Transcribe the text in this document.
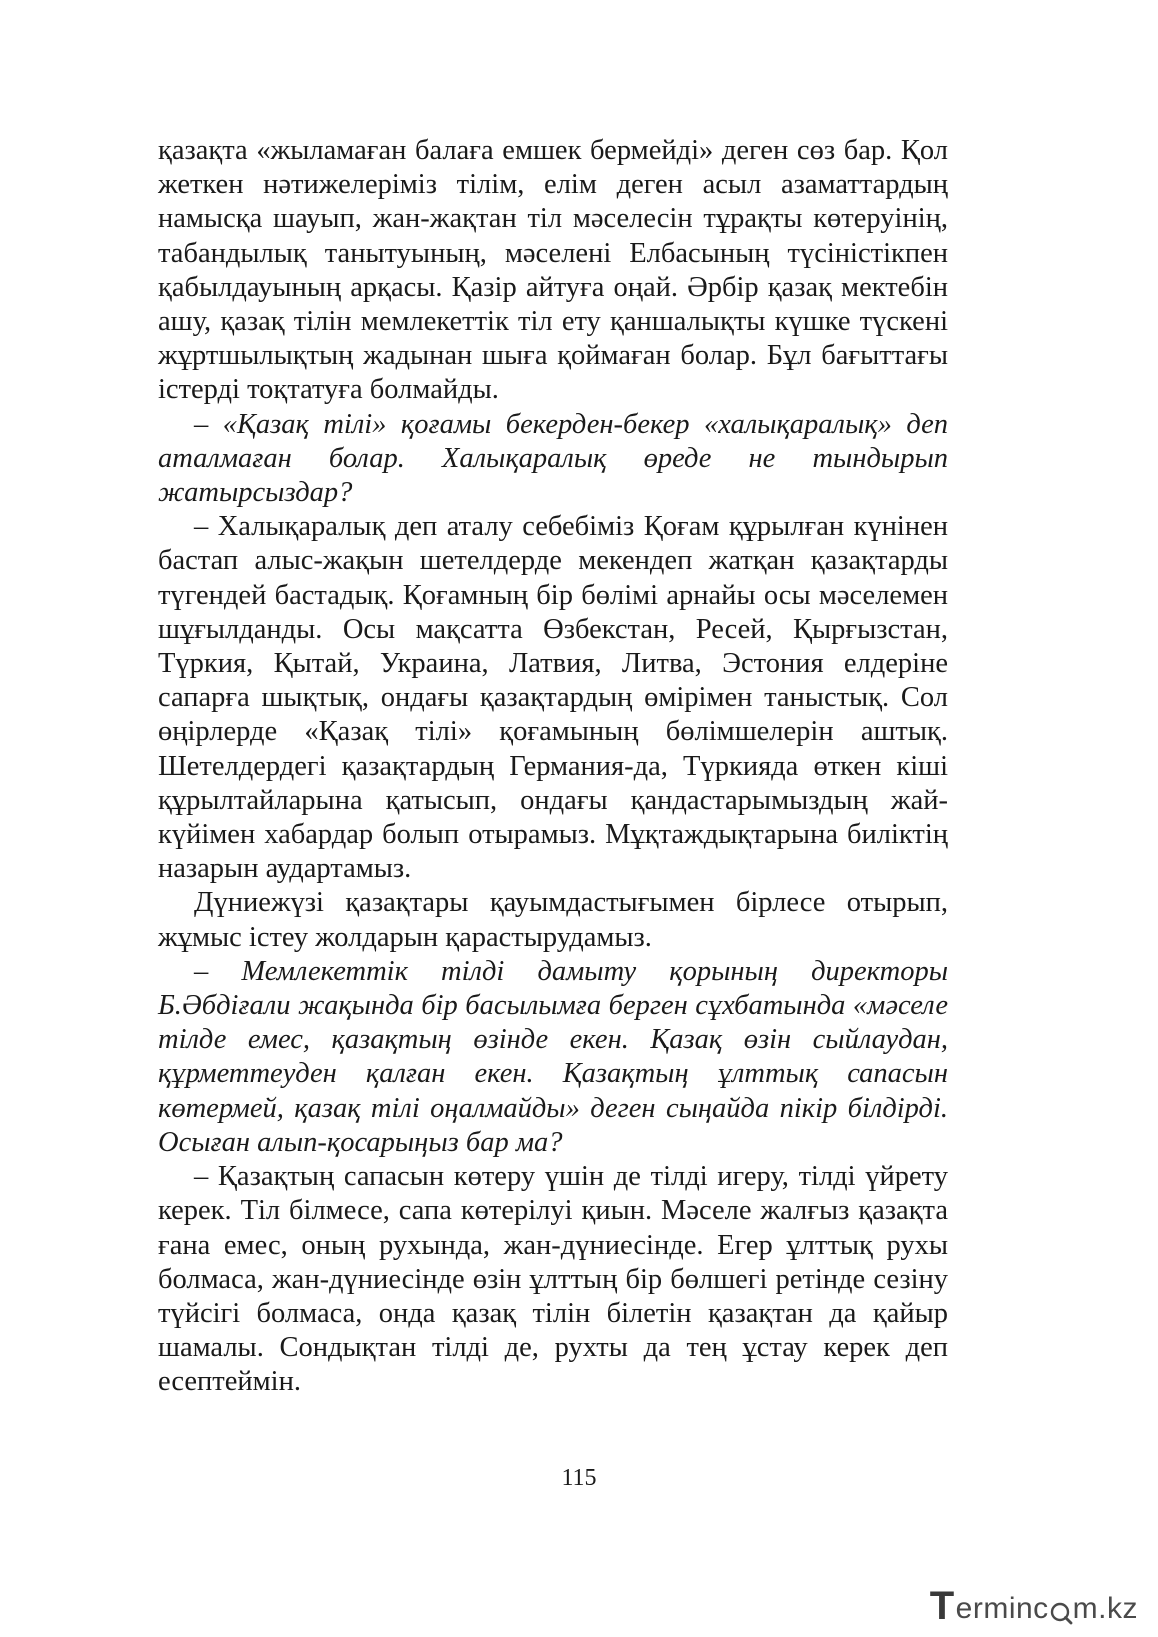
қазақта «жыламаған балаға емшек бермейді» деген сөз бар. Қол жеткен нәтижелеріміз тілім, елім деген асыл азаматтардың намысқа шауып, жан-жақтан тіл мәселесін тұрақты көтеруінің, табандылық танытуының, мәселені Елбасының түсіністікпен қабылдауының арқасы. Қазір айтуға оңай. Әрбір қазақ мектебін ашу, қазақ тілін мемлекеттік тіл ету қаншалықты күшке түскені жұртшылықтың жадынан шыға қоймаған болар. Бұл бағыттағы істерді тоқтатуға болмайды.

– «Қазақ тілі» қоғамы бекерден-бекер «халықаралық» деп аталмаған болар. Халықаралық өреде не тындырып жатырсыздар?

– Халықаралық деп аталу себебіміз Қоғам құрылған күнінен бастап алыс-жақын шетелдерде мекендеп жатқан қазақтарды түгендей бастадық. Қоғамның бір бөлімі арнайы осы мәселемен шұғылданды. Осы мақсатта Өзбекстан, Ресей, Қырғызстан, Түркия, Қытай, Украина, Латвия, Литва, Эстония елдеріне сапарға шықтық, ондағы қазақтардың өмірімен таныстық. Сол өңірлерде «Қазақ тілі» қоғамының бөлімшелерін аштық. Шетелдердегі қазақтардың Германия-да, Түркияда өткен кіші құрылтайларына қатысып, ондағы қандастарымыздың жай-күйімен хабардар болып отырамыз. Мұқтаждықтарына биліктің назарын аудартамыз.

Дүниежүзі қазақтары қауымдастығымен бірлесе отырып, жұмыс істеу жолдарын қарастырудамыз.

– Мемлекеттік тілді дамыту қорының директоры Б.Әбдіғали жақында бір басылымға берген сұхбатында «мәселе тілде емес, қазақтың өзінде екен. Қазақ өзін сыйлаудан, құрметтеуден қалған екен. Қазақтың ұлттық сапасын көтермей, қазақ тілі оңалмайды» деген сыңайда пікір білдірді. Осыған алып-қосарыңыз бар ма?

– Қазақтың сапасын көтеру үшін де тілді игеру, тілді үйрету керек. Тіл білмесе, сапа көтерілуі қиын. Мәселе жалғыз қазақта ғана емес, оның рухында, жан-дүниесінде. Егер ұлттық рухы болмаса, жан-дүниесінде өзін ұлттың бір бөлшегі ретінде сезіну түйсігі болмаса, онда қазақ тілін білетін қазақтан да қайыр шамалы. Сондықтан тілді де, рухты да тең ұстау керек деп есептеймін.

115
T erminc m.kz
